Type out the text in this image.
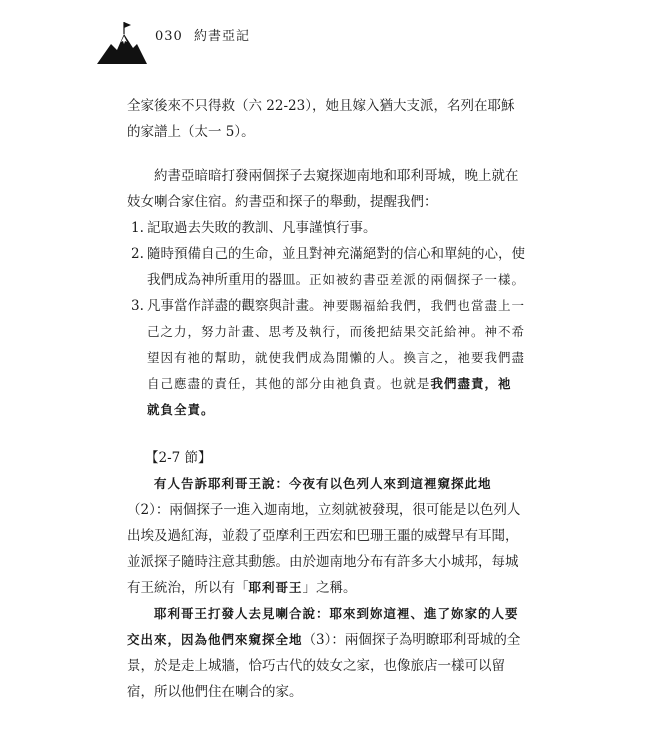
030 約書亞記

全家後來不只得救（六 22-23），她且嫁入猶大支派，名列在耶穌的家譜上（太一 5）。

約書亞暗暗打發兩個探子去窺探迦南地和耶利哥城，晚上就在妓女喇合家住宿。約書亞和探子的舉動，提醒我們：

1. 記取過去失敗的教訓、凡事謹慎行事。
2. 隨時預備自己的生命，並且對神充滿絕對的信心和單純的心，使我們成為神所重用的器皿。正如被約書亞差派的兩個探子一樣。
3. 凡事當作詳盡的觀察與計畫。神要賜福給我們，我們也當盡上一己之力，努力計畫、思考及執行，而後把結果交託給神。神不希望因有祂的幫助，就使我們成為閒懶的人。換言之，祂要我們盡自己應盡的責任，其他的部分由祂負責。也就是我們盡責，祂就負全責。

【2-7 節】

有人告訴耶利哥王說：今夜有以色列人來到這裡窺探此地（2）：兩個探子一進入迦南地，立刻就被發現，很可能是以色列人出埃及過紅海，並殺了亞摩利王西宏和巴珊王噩的威聲早有耳聞，並派探子隨時注意其動態。由於迦南地分布有許多大小城邦，每城有王統治，所以有「耶利哥王」之稱。

耶利哥王打發人去見喇合說：耶來到妳這裡、進了妳家的人要交出來，因為他們來窺探全地（3）：兩個探子為明瞭耶利哥城的全景，於是走上城牆，恰巧古代的妓女之家，也像旅店一樣可以留宿，所以他們住在喇合的家。
